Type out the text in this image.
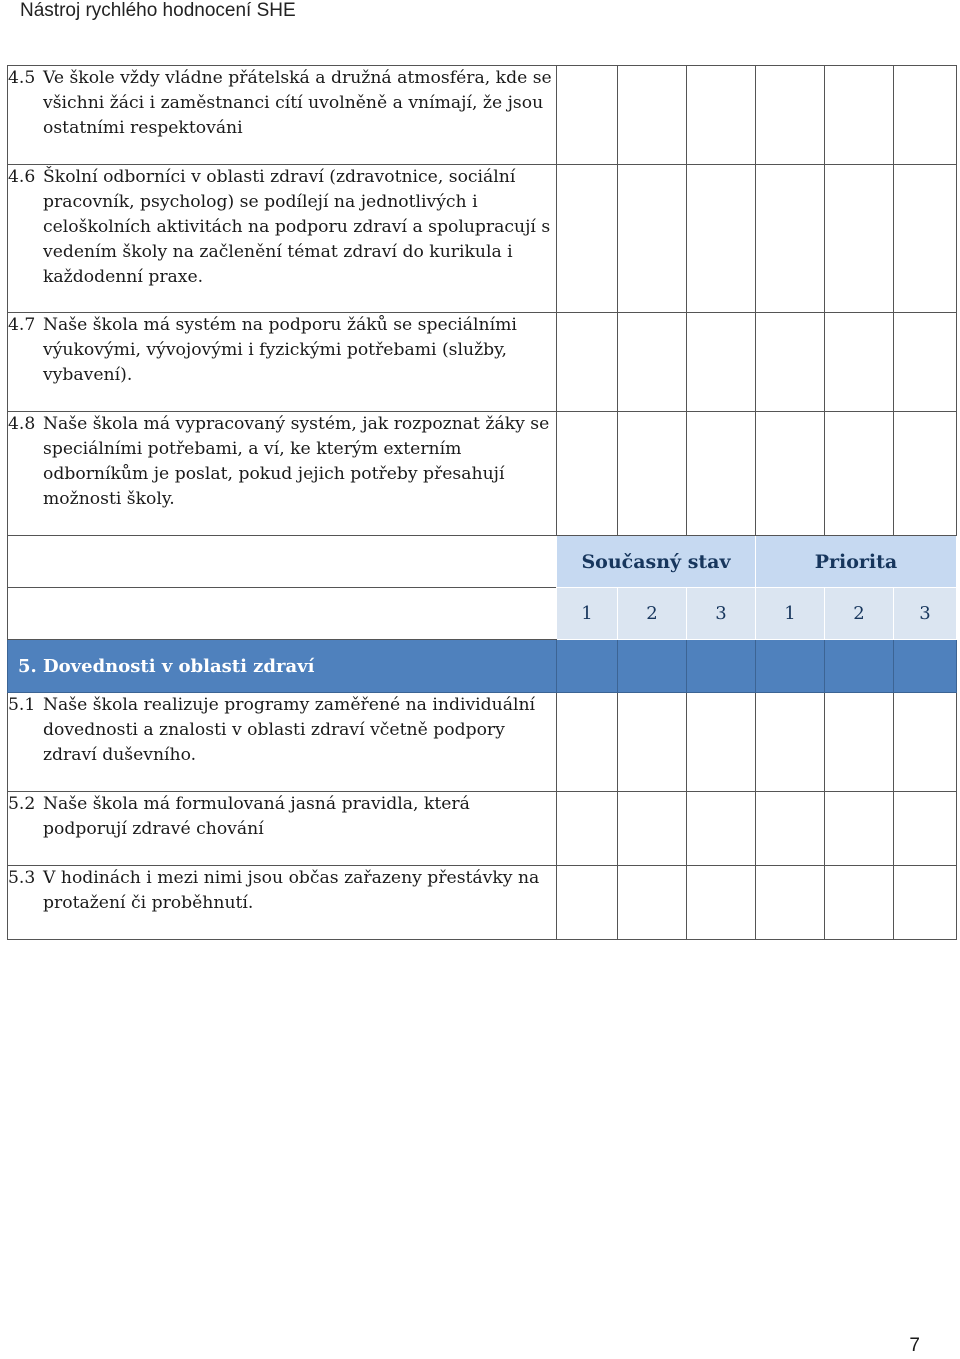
Nástroj rychlého hodnocení SHE
4.5 Ve škole vždy vládne přátelská a družná atmosféra, kde se všichni žáci i zaměstnanci cítí uvolněně a vnímají, že jsou ostatními respektováni						

4.6 Školní odborníci v oblasti zdraví (zdravotnice, sociální pracovník, psycholog) se podílejí na jednotlivých i celoškolních aktivitách na podporu zdraví a spolupracují s vedením školy na začlenění témat zdraví do kurikula i každodenní praxe.						

4.7 Naše škola má systém na podporu žáků se speciálními výukovými, vývojovými i fyzickými potřebami (služby, vybavení).						

4.8 Naše škola má vypracovaný systém, jak rozpoznat žáky se speciálními potřebami, a ví, ke kterým externím odborníkům je poslat, pokud jejich potřeby přesahují možnosti školy.						

	Současný stav			Priorita		
	1	2	3	1	2	3
5. Dovednosti v oblasti zdraví						

5.1 Naše škola realizuje programy zaměřené na individuální dovednosti a znalosti v oblasti zdraví včetně podpory zdraví duševního.						

5.2 Naše škola má formulovaná jasná pravidla, která podporují zdravé chování						

5.3 V hodinách i mezi nimi jsou občas zařazeny přestávky na protažení či proběhnutí.						

7
